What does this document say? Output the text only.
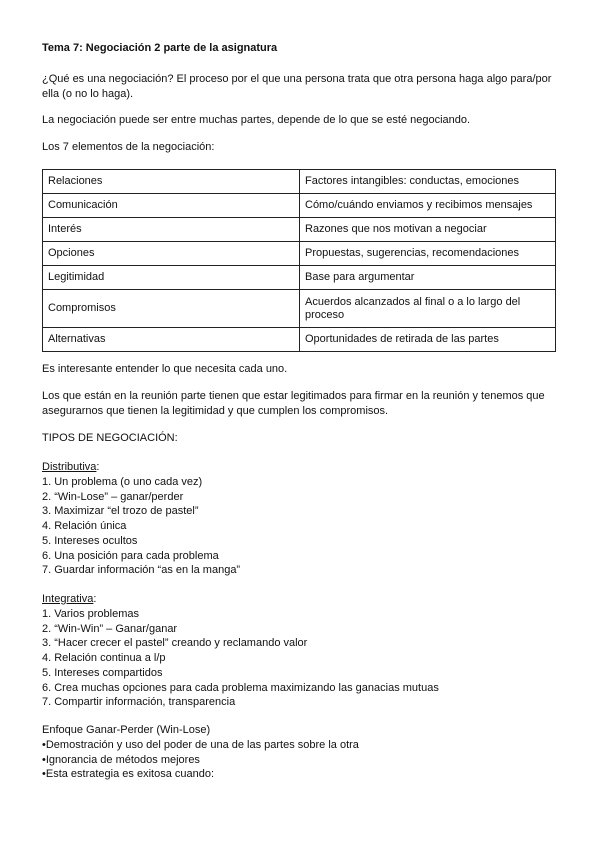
Tema 7: Negociación 2 parte de la asignatura
¿Qué es una negociación? El proceso por el que una persona trata que otra persona haga algo para/por ella (o no lo haga).
La negociación puede ser entre muchas partes, depende de lo que se esté negociando.
Los 7 elementos de la negociación:
Relaciones	Factores intangibles: conductas, emociones
Comunicación	Cómo/cuándo enviamos y recibimos mensajes
Interés	Razones que nos motivan a negociar
Opciones	Propuestas, sugerencias, recomendaciones
Legitimidad	Base para argumentar
Compromisos	Acuerdos alcanzados al final o a lo largo del proceso
Alternativas	Oportunidades de retirada de las partes
Es interesante entender lo que necesita cada uno.
Los que están en la reunión parte tienen que estar legitimados para firmar en la reunión y tenemos que asegurarnos que tienen la legitimidad y que cumplen los compromisos.
TIPOS DE NEGOCIACIÓN:
Distributiva:
1. Un problema (o uno cada vez)
2. “Win-Lose” – ganar/perder
3. Maximizar “el trozo de pastel”
4. Relación única
5. Intereses ocultos
6. Una posición para cada problema
7. Guardar información “as en la manga”
Integrativa:
1. Varios problemas
2. “Win-Win” – Ganar/ganar
3. “Hacer crecer el pastel” creando y reclamando valor
4. Relación continua a l/p
5. Intereses compartidos
6. Crea muchas opciones para cada problema maximizando las ganacias mutuas
7. Compartir información, transparencia
Enfoque Ganar-Perder (Win-Lose)
•Demostración y uso del poder de una de las partes sobre la otra
•Ignorancia de métodos mejores
•Esta estrategia es exitosa cuando:
